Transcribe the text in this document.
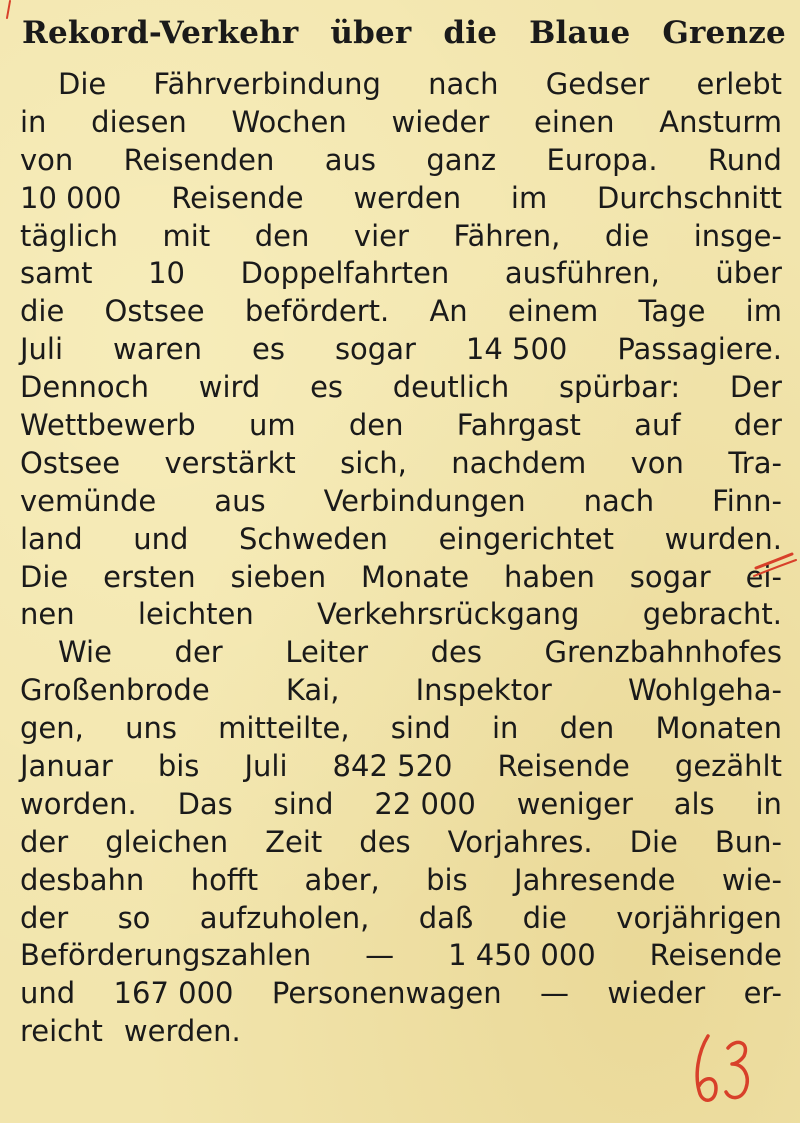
Rekord-Verkehr über die Blaue Grenze
Die Fährverbindung nach Gedser erlebt
in diesen Wochen wieder einen Ansturm
von Reisenden aus ganz Europa. Rund
10 000 Reisende werden im Durchschnitt
täglich mit den vier Fähren, die insge-
samt 10 Doppelfahrten ausführen, über
die Ostsee befördert. An einem Tage im
Juli waren es sogar 14 500 Passagiere.
Dennoch wird es deutlich spürbar: Der
Wettbewerb um den Fahrgast auf der
Ostsee verstärkt sich, nachdem von Tra-
vemünde aus Verbindungen nach Finn-
land und Schweden eingerichtet wurden.
Die ersten sieben Monate haben sogar ei-
nen leichten Verkehrsrückgang gebracht.
Wie der Leiter des Grenzbahnhofes
Großenbrode	Kai,	Inspektor	Wohlgeha-
gen, uns mitteilte, sind in den Monaten
Januar bis Juli 842 520 Reisende gezählt
worden. Das sind 22 000 weniger als in
der gleichen Zeit des Vorjahres. Die Bun-
desbahn hofft aber, bis Jahresende wie-
der so aufzuholen, daß die vorjährigen
Beförderungszahlen — 1 450 000 Reisende
und 167 000 Personenwagen — wieder er-
reicht werden.
